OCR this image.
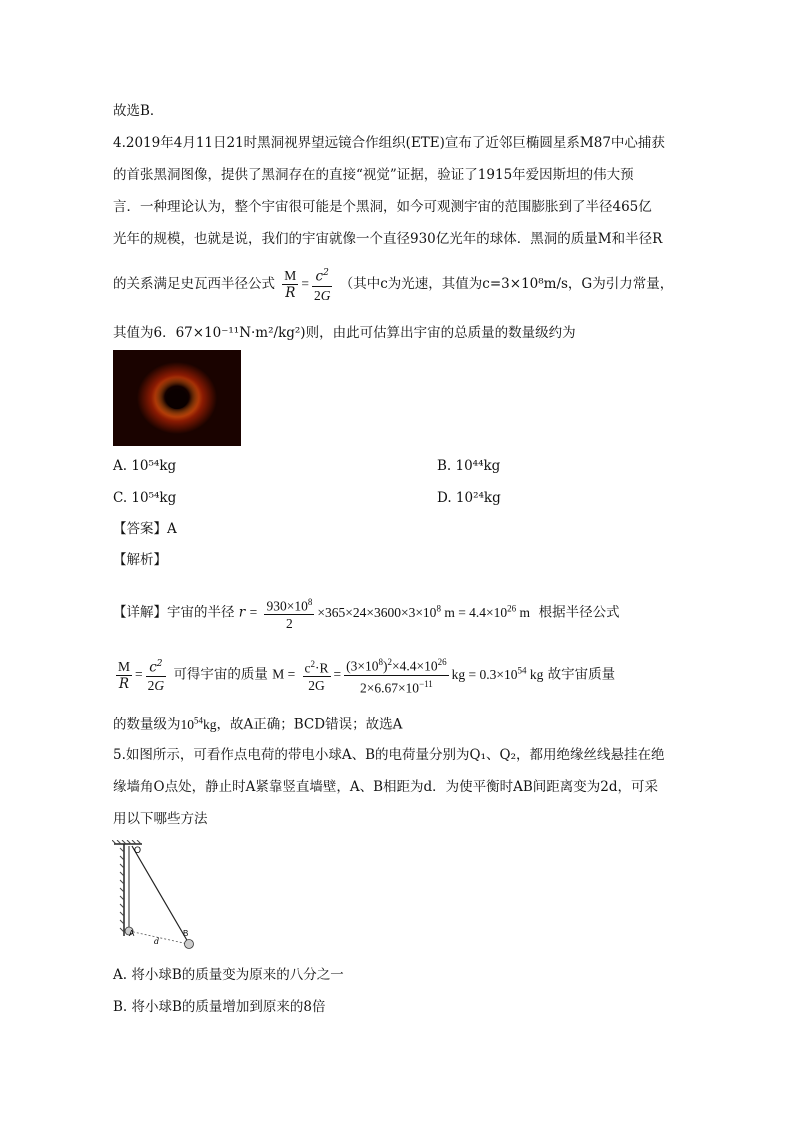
故选B．
4.2019年4月11日21时黑洞视界望远镜合作组织(ETE)宣布了近邻巨椭圆星系M87中心捕获
的首张黑洞图像，提供了黑洞存在的直接“视觉”证据，验证了1915年爱因斯坦的伟大预
言．一种理论认为，整个宇宙很可能是个黑洞，如今可观测宇宙的范围膨胀到了半径465亿
光年的规模，也就是说，我们的宇宙就像一个直径930亿光年的球体．黑洞的质量M和半径R
的关系满足史瓦西半径公式 $\frac{M}{R} = \frac{c^2}{2G}$ （其中c为光速，其值为c=3×10⁸m/s，G为引力常量，
其值为6．67×10⁻¹¹N·m²/kg²)则，由此可估算出宇宙的总质量的数量级约为
A. 10⁵⁴kg	B. 10⁴⁴kg
C. 10⁵⁴kg	D. 10²⁴kg
【答案】A
【解析】
【详解】宇宙的半径 $r = \frac{930\times 10^8}{2} \times 365\times 24\times 3600\times 3\times 10^8$ $m = 4.4\times 10^{26}$ m 根据半径公式
$\frac{M}{R} = \frac{c^2}{2G}$ 可得宇宙的质量 $M = \frac{c^2\cdot R}{2G} = \frac{(3\times 10^8)^2\times 4.4\times 10^{26}}{2\times 6.67\times 10^{-11}}$ kg = $0.3\times 10^{54}$ kg 故宇宙质量
的数量级为$10^{54}kg$，故A正确；BCD错误；故选A
5.如图所示，可看作点电荷的带电小球A、B的电荷量分别为Q₁、Q₂，都用绝缘丝线悬挂在绝
缘墙角O点处，静止时A紧靠竖直墙壁，A、B相距为d．为使平衡时AB间距离变为2d，可采
用以下哪些方法
O
A	B
d
A. 将小球B的质量变为原来的八分之一
B. 将小球B的质量增加到原来的8倍
